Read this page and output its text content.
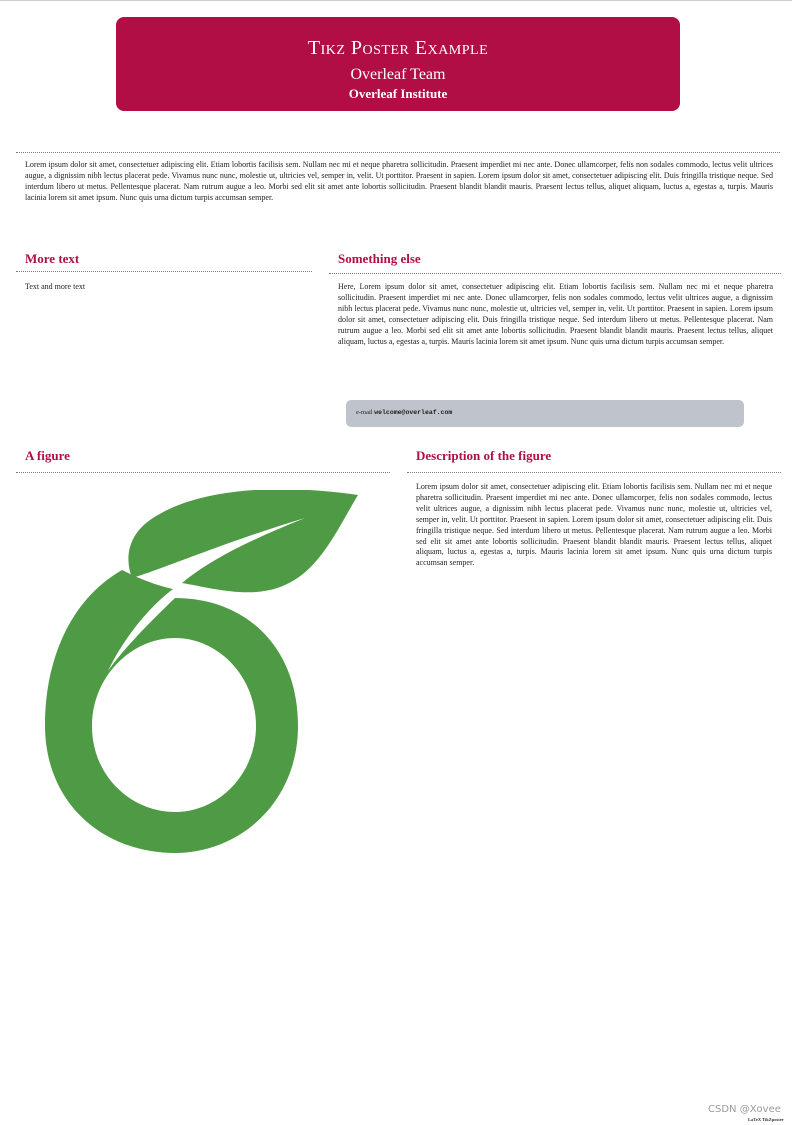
Tikz Poster Example
Overleaf Team
Overleaf Institute
Lorem ipsum dolor sit amet, consectetuer adipiscing elit. Etiam lobortis facilisis sem. Nullam nec mi et neque pharetra sollicitudin. Praesent imperdiet mi nec ante. Donec ullamcorper, felis non sodales commodo, lectus velit ultrices augue, a dignissim nibh lectus placerat pede. Vivamus nunc nunc, molestie ut, ultricies vel, semper in, velit. Ut porttitor. Praesent in sapien. Lorem ipsum dolor sit amet, consectetuer adipiscing elit. Duis fringilla tristique neque. Sed interdum libero ut metus. Pellentesque placerat. Nam rutrum augue a leo. Morbi sed elit sit amet ante lobortis sollicitudin. Praesent blandit blandit mauris. Praesent lectus tellus, aliquet aliquam, luctus a, egestas a, turpis. Mauris lacinia lorem sit amet ipsum. Nunc quis urna dictum turpis accumsan semper.
More text
Text and more text
Something else
Here, Lorem ipsum dolor sit amet, consectetuer adipiscing elit. Etiam lobortis facilisis sem. Nullam nec mi et neque pharetra sollicitudin. Praesent imperdiet mi nec ante. Donec ullamcorper, felis non sodales commodo, lectus velit ultrices augue, a dignissim nibh lectus placerat pede. Vivamus nunc nunc, molestie ut, ultricies vel, semper in, velit. Ut porttitor. Praesent in sapien. Lorem ipsum dolor sit amet, consectetuer adipiscing elit. Duis fringilla tristique neque. Sed interdum libero ut metus. Pellentesque placerat. Nam rutrum augue a leo. Morbi sed elit sit amet ante lobortis sollicitudin. Praesent blandit blandit mauris. Praesent lectus tellus, aliquet aliquam, luctus a, egestas a, turpis. Mauris lacinia lorem sit amet ipsum. Nunc quis urna dictum turpis accumsan semper.
e-mail welcome@overleaf.com
A figure	Description of the figure
Lorem ipsum dolor sit amet, consectetuer adipiscing elit. Etiam lobortis facilisis sem. Nullam nec mi et neque pharetra sollicitudin. Praesent imperdiet mi nec ante. Donec ullamcorper, felis non sodales commodo, lectus velit ultrices augue, a dignissim nibh lectus placerat pede. Vivamus nunc nunc, molestie ut, ultricies vel, semper in, velit. Ut porttitor. Praesent in sapien. Lorem ipsum dolor sit amet, consectetuer adipiscing elit. Duis fringilla tristique neque. Sed interdum libero ut metus. Pellentesque placerat. Nam rutrum augue a leo. Morbi sed elit sit amet ante lobortis sollicitudin. Praesent blandit blandit mauris. Praesent lectus tellus, aliquet aliquam, luctus a, egestas a, turpis. Mauris lacinia lorem sit amet ipsum. Nunc quis urna dictum turpis accumsan semper.
CSDN @Xovee
LaTeX TikZposter
